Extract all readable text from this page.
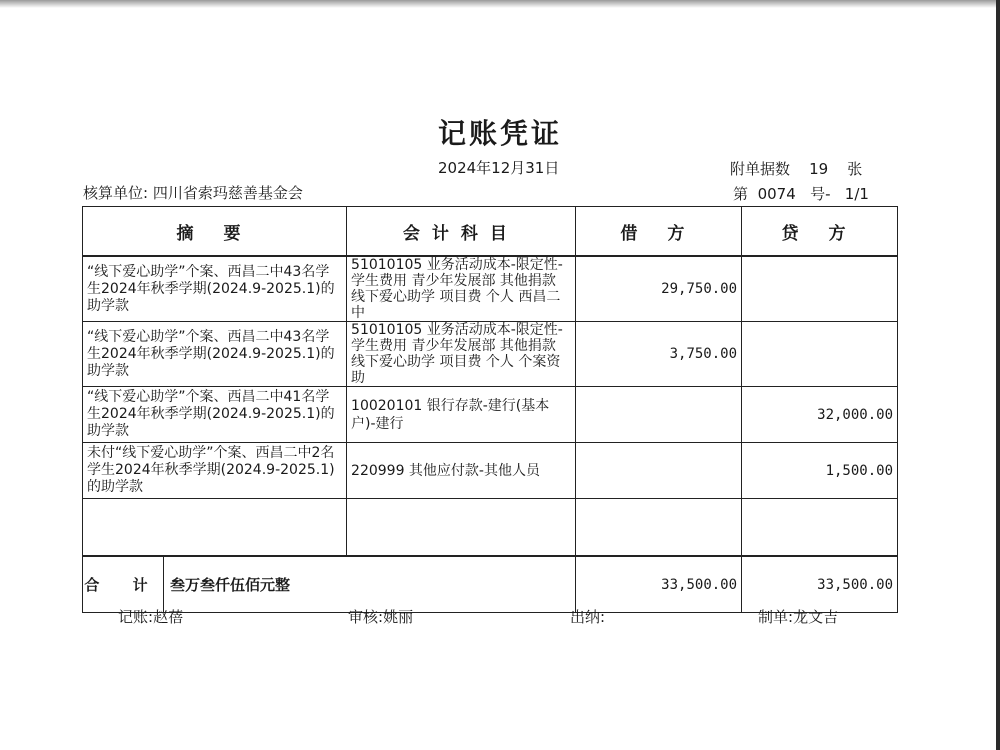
记账凭证
2024年12月31日	附单据数 19 张
核算单位: 四川省索玛慈善基金会	第 0074 号- 1/1
摘 要	会计科目	借 方	贷 方
“线下爱心助学”个案、西昌二中43名学生2024年秋季学期(2024.9-2025.1)的助学款	51010105 业务活动成本-限定性-学生费用 青少年发展部 其他捐款 线下爱心助学 项目费 个人 西昌二中	29,750.00	
“线下爱心助学”个案、西昌二中43名学生2024年秋季学期(2024.9-2025.1)的助学款	51010105 业务活动成本-限定性-学生费用 青少年发展部 其他捐款 线下爱心助学 项目费 个人 个案资助	3,750.00	
“线下爱心助学”个案、西昌二中41名学生2024年秋季学期(2024.9-2025.1)的助学款	10020101 银行存款-建行(基本户)-建行		32,000.00
未付“线下爱心助学”个案、西昌二中2名学生2024年秋季学期(2024.9-2025.1)的助学款	220999 其他应付款-其他人员		1,500.00

合 计 叁万叁仟伍佰元整		33,500.00	33,500.00
记账:赵蓓	审核:姚丽	出纳:	制单:龙文吉
